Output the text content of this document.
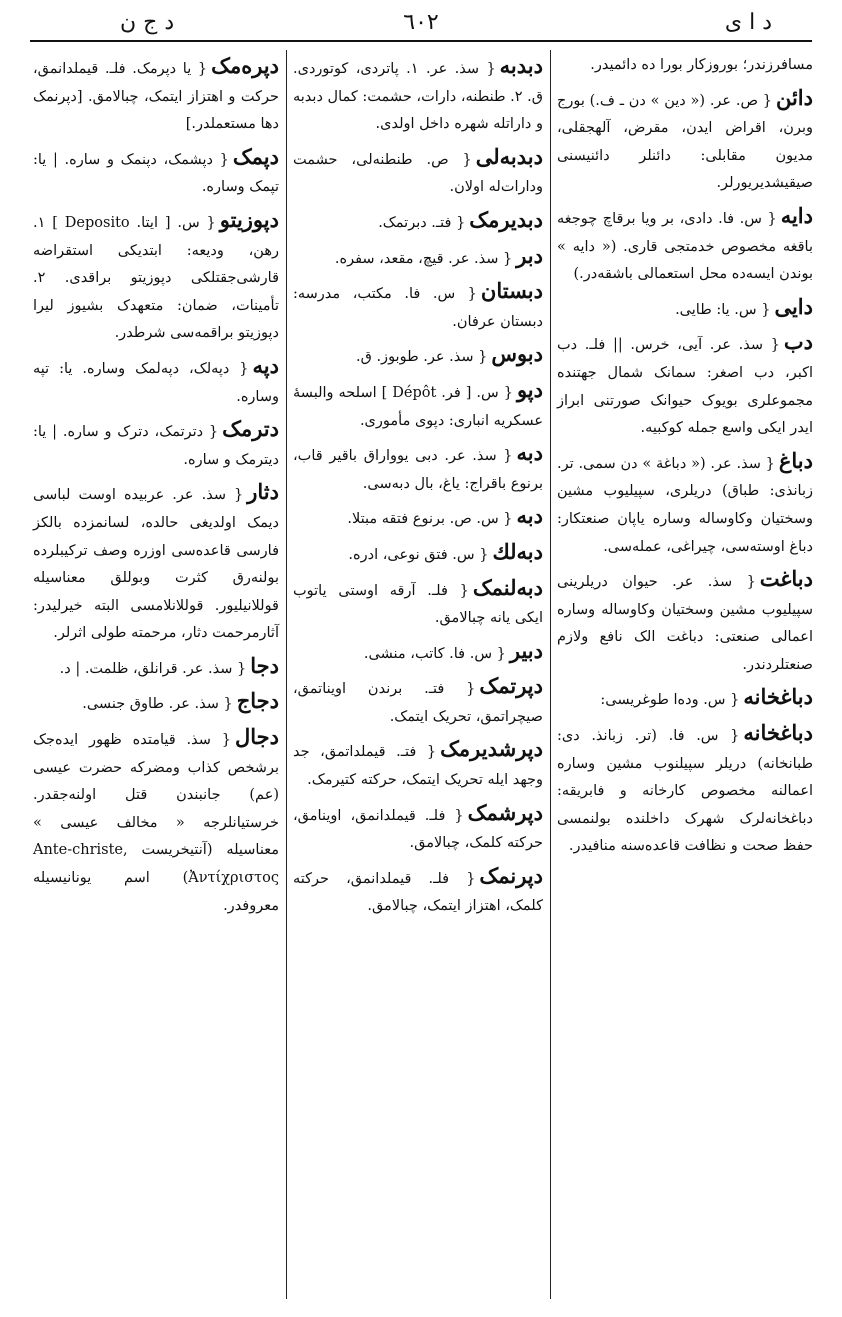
د ا ی
٦٠٢
د ج ن
مسافرزندر؛ بوروزکار بورا ده دائمیدر.
دائن{ ص. عر. (« دین » دن ـ ف.) بورج وبرن، اقراض ایدن، مقرض، آلهجقلی، مدیون مقابلی: دائنلر دائنیسنی صیقیشدیریورلر.
دایه{ س. فا. دادی، بر ویا برقاچ چوجغه باقغه مخصوص خدمتجی قاری. (« دایه » بوندن ایسه‌ده محل استعمالی باشقه‌در.)
دایی{ س. یا: طایی.
دب{ سذ. عر. آیی، خرس. || فلـ. دب اکبر، دب اصغر: سمانک شمال جهتنده مجموعلری بویوک حیوانک صورتنی ابراز ایدر ایکی واسع جمله کوکبیه.
دباغ{ سذ. عر. (« دباغة » دن سمی. تر. زبانذی: طباق) دریلری، سپیلیوب مشین وسختیان وکاوساله وساره یاپان صنعتکار: دباغ اوسته‌سی، چیراغی، عمله‌سی.
دباغت{ سذ. عر. حیوان دریلرینی سپیلیوب مشین وسختیان وکاوساله وساره اعمالی صنعتی: دباغت الک نافع ولازم صنعتلردندر.
دباغخانه{ س. وده‌ا طوغریسی:
دباغخانه{ س. فا. (تر. زبانذ. دی: طبانخانه) دریلر سپیلنوب مشین وساره اعمالنه مخصوص کارخانه و فابریقه: دباغخانه‌لرک شهرک داخلنده بولنمسی حفظ صحت و نظافت قاعده‌سنه منافیدر.
دبدبه{ سذ. عر. ۱. پاتردی، کوتوردی. ق. ۲. طنطنه، دارات، حشمت: کمال دبدبه و داراتله شهره داخل اولدی.
دبدبه‌لی{ ص. طنطنه‌لی، حشمت ودارات‌له اولان.
دبدیرمک{ فتـ. دبرتمک.
دبر{ سذ. عر. قیچ، مقعد، سفره.
دبستان{ س. فا. مکتب، مدرسه: دبستان عرفان.
دبوس{ سذ. عر. طوبوز. ق.
دپو{ س. [ فر. Dépôt ] اسلحه والبسهٔ عسکریه انباری: دپوی مأموری.
دبه{ سذ. عر. دبی یوواراق باقیر قاب، برنوع باقراج: یاغ، بال دبه‌سی.
دبه{ س. ص. برنوع فتقه مبتلا.
دبه‌لك{ س. فتق نوعی، ادره.
دبه‌لنمک{ فلـ. آرقه اوستی یاتوب ایکی یانه چبالامق.
دبیر{ س. فا. کاتب، منشی.
دپرتمک{ فتـ. برندن اویناتمق، صیچراتمق، تحریک ایتمک.
دپرشدیرمک{ فتـ. قیملداتمق، جد وجهد ایله تحریک ایتمک، حرکته کتیرمک.
دپرشمک{ فلـ. قیملدانمق، اوینامق، حرکته کلمک، چبالامق.
دپرنمک{ فلـ. قیملدانمق، حرکته کلمک، اهتزاز ایتمک، چبالامق.
دپره‌مک{ یا دپرمک. فلـ. قیملدانمق، حرکت و اهتزاز ایتمک، چبالامق. [دپرنمک دها مستعملدر.]
دپمک{ دپشمک، دپنمک و ساره. | یا: تپمک وساره.
دپوزیتو{ س. [ ایتا. Deposito ] ۱. رهن، ودیعه: ابتدیکی استقراضه قارشی‌جقتلکی دپوزیتو براقدی. ۲. تأمینات، ضمان: متعهدک بشیوز لیرا دپوزیتو براقمه‌سی شرطدر.
دپه{ دپه‌لک، دپه‌لمک وساره. یا: تپه وساره.
دترمک{ دترتمک، دترک و ساره. | یا: دیترمک و ساره.
دثار{ سذ. عر. عربیده اوست لباسی دیمک اولدیغی حالده، لسانمزده بالکز فارسی قاعده‌سی اوزره وصف ترکیبلرده بولنه‌رق کثرت وبوللق معناسیله قوللانیلیور. قوللانلامسی البته خیرلیدر: آثارمرحمت دثار، مرحمته طولی اثرلر.
دجا{ سذ. عر. قرانلق، ظلمت. | د.
دجاج{ سذ. عر. طاوق جنسی.
دجال{ سذ. قیامتده ظهور ایده‌جک برشخص کذاب ومضرکه حضرت عیسی (عم) جانبندن قتل اولنه‌جقدر. خرستیانلرجه « مخالف عیسی » معناسیله (آنتیخریست Ante-christe, Ἀντίχριστος) اسم یونانیسیله معروفدر.
